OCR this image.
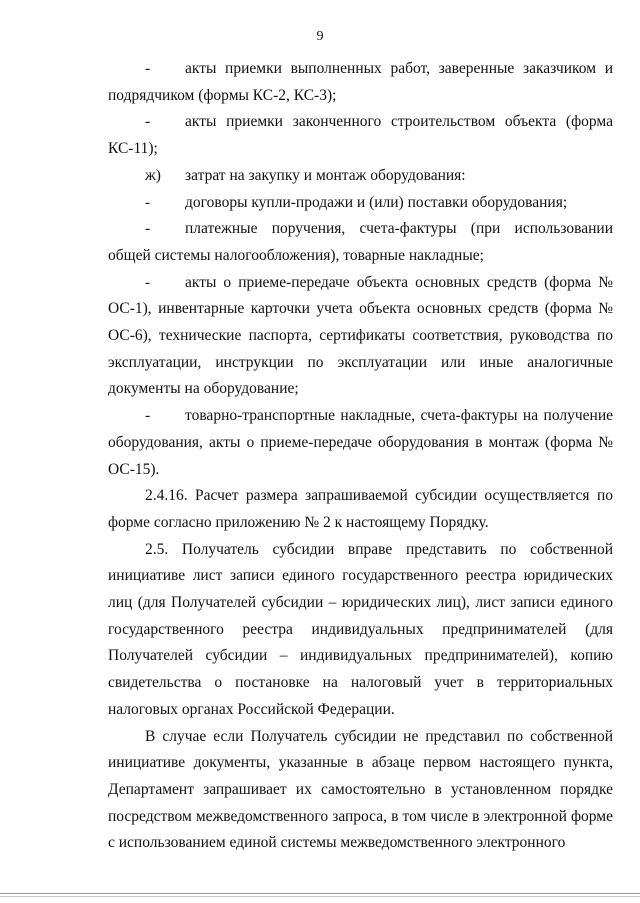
9
- акты приемки выполненных работ, заверенные заказчиком и подрядчиком (формы КС-2, КС-3);
- акты приемки законченного строительством объекта (форма КС-11);
ж) затрат на закупку и монтаж оборудования:
- договоры купли-продажи и (или) поставки оборудования;
- платежные поручения, счета-фактуры (при использовании общей системы налогообложения), товарные накладные;
- акты о приеме-передаче объекта основных средств (форма № ОС-1), инвентарные карточки учета объекта основных средств (форма № ОС-6), технические паспорта, сертификаты соответствия, руководства по эксплуатации, инструкции по эксплуатации или иные аналогичные документы на оборудование;
- товарно-транспортные накладные, счета-фактуры на получение оборудования, акты о приеме-передаче оборудования в монтаж (форма № ОС-15).

2.4.16. Расчет размера запрашиваемой субсидии осуществляется по форме согласно приложению № 2 к настоящему Порядку.

2.5. Получатель субсидии вправе представить по собственной инициативе лист записи единого государственного реестра юридических лиц (для Получателей субсидии – юридических лиц), лист записи единого государственного реестра индивидуальных предпринимателей (для Получателей субсидии – индивидуальных предпринимателей), копию свидетельства о постановке на налоговый учет в территориальных налоговых органах Российской Федерации.

В случае если Получатель субсидии не представил по собственной инициативе документы, указанные в абзаце первом настоящего пункта, Департамент запрашивает их самостоятельно в установленном порядке посредством межведомственного запроса, в том числе в электронной форме с использованием единой системы межведомственного электронного
